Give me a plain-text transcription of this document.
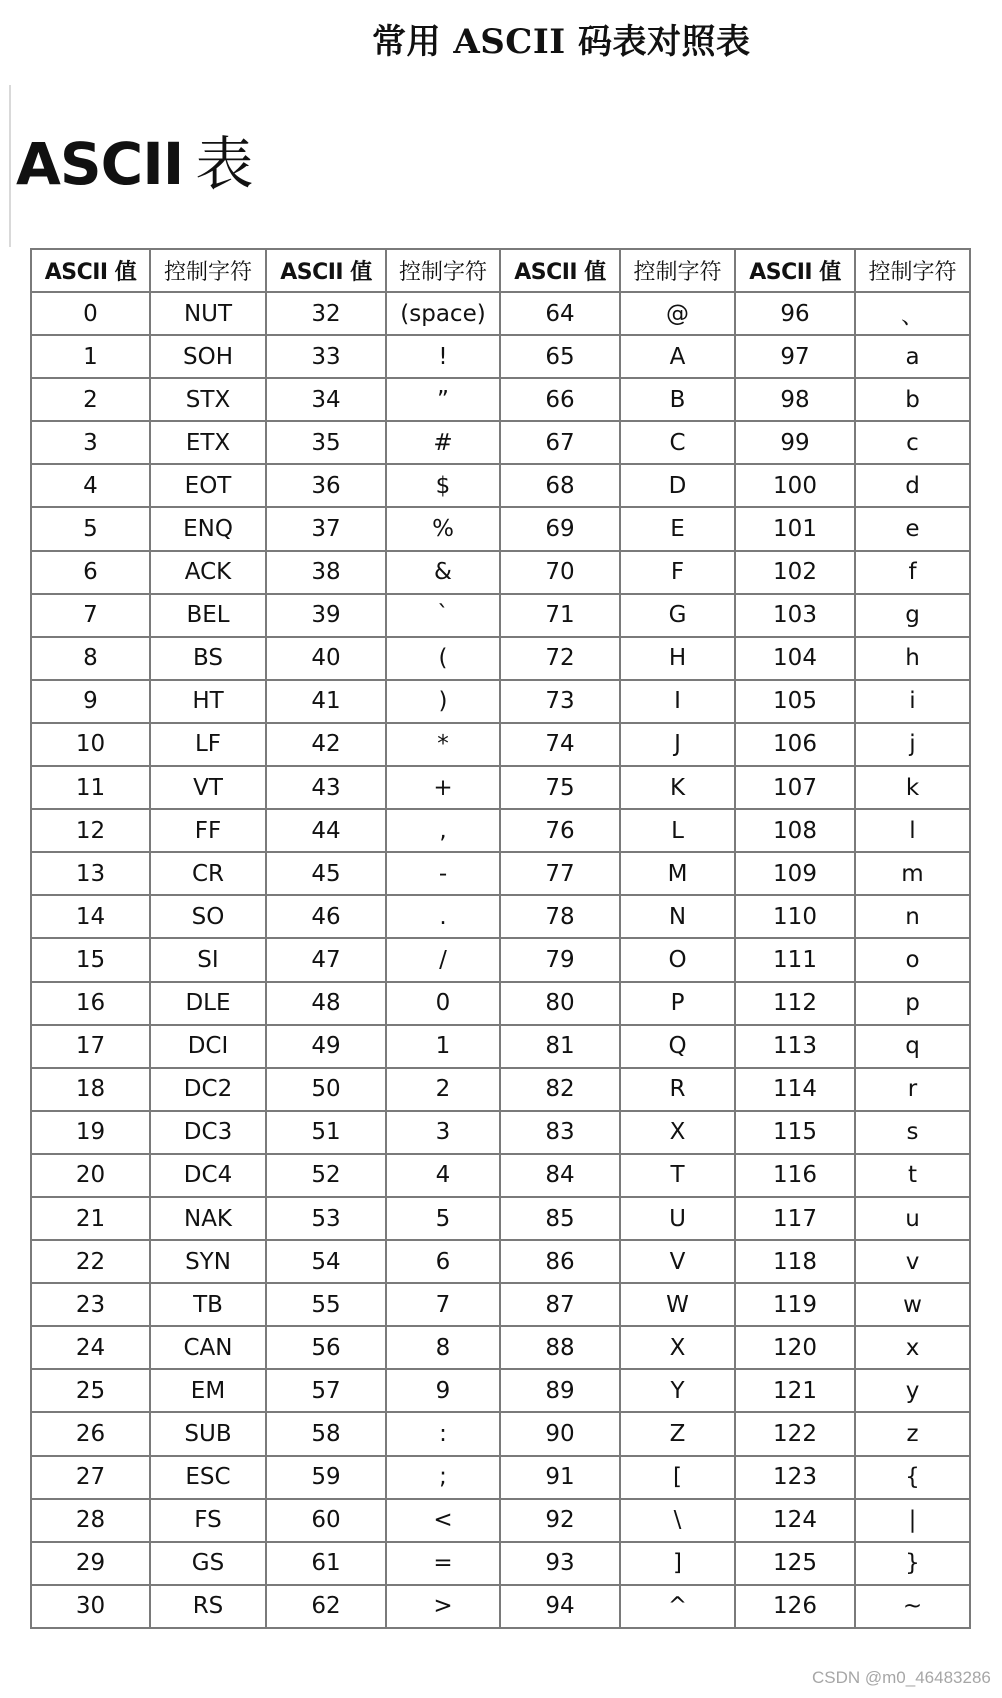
常用 ASCII 码表对照表
ASCII 表
ASCII 值	控制字符	ASCII 值	控制字符	ASCII 值	控制字符	ASCII 值	控制字符
0	NUT	32	(space)	64	@	96	、
1	SOH	33	!	65	A	97	a
2	STX	34	”	66	B	98	b
3	ETX	35	#	67	C	99	c
4	EOT	36	$	68	D	100	d
5	ENQ	37	%	69	E	101	e
6	ACK	38	&	70	F	102	f
7	BEL	39	`	71	G	103	g
8	BS	40	(	72	H	104	h
9	HT	41	)	73	I	105	i
10	LF	42	*	74	J	106	j
11	VT	43	+	75	K	107	k
12	FF	44	,	76	L	108	l
13	CR	45	-	77	M	109	m
14	SO	46	.	78	N	110	n
15	SI	47	/	79	O	111	o
16	DLE	48	0	80	P	112	p
17	DCI	49	1	81	Q	113	q
18	DC2	50	2	82	R	114	r
19	DC3	51	3	83	X	115	s
20	DC4	52	4	84	T	116	t
21	NAK	53	5	85	U	117	u
22	SYN	54	6	86	V	118	v
23	TB	55	7	87	W	119	w
24	CAN	56	8	88	X	120	x
25	EM	57	9	89	Y	121	y
26	SUB	58	:	90	Z	122	z
27	ESC	59	;	91	[	123	{
28	FS	60	<	92	\	124	|
29	GS	61	=	93	]	125	}
30	RS	62	>	94	^	126	~
CSDN @m0_46483286
